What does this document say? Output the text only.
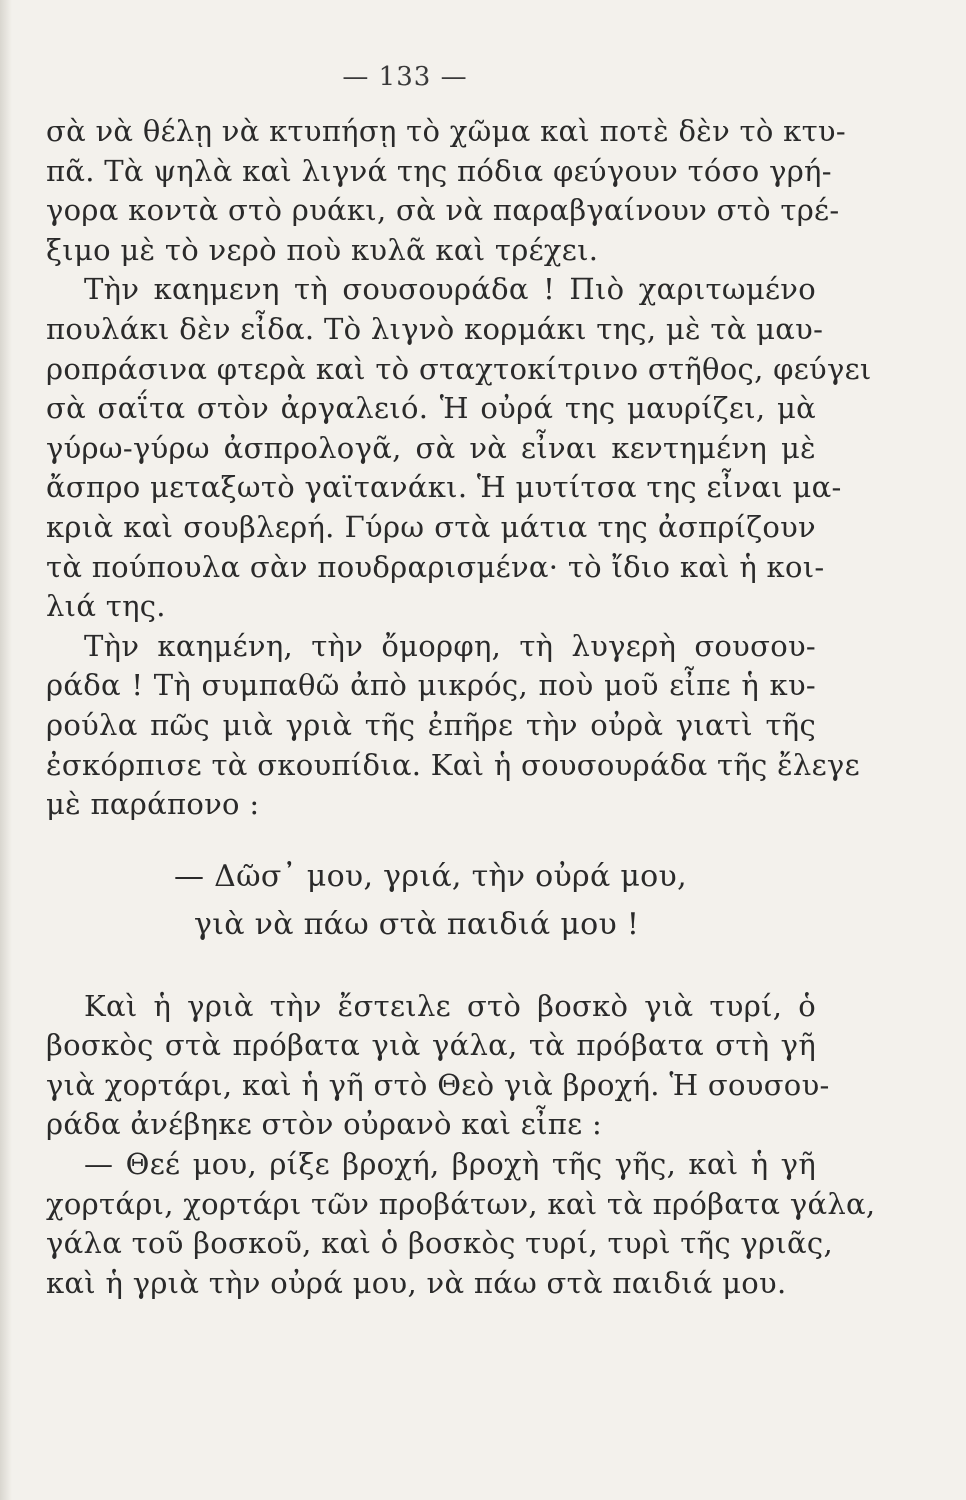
— 133 —
σὰ νὰ θέλῃ νὰ κτυπήσῃ τὸ χῶμα καὶ ποτὲ δὲν τὸ κτυ-
πᾶ. Τὰ ψηλὰ καὶ λιγνά της πόδια φεύγουν τόσο γρή-
γορα κοντὰ στὸ ρυάκι, σὰ νὰ παραβγαίνουν στὸ τρέ-
ξιμο μὲ τὸ νερὸ ποὺ κυλᾶ καὶ τρέχει.
Τὴν καημενη τὴ σουσουράδα ! Πιὸ χαριτωμένο
πουλάκι δὲν εἶδα. Τὸ λιγνὸ κορμάκι της, μὲ τὰ μαυ-
ροπράσινα φτερὰ καὶ τὸ σταχτοκίτρινο στῆθος, φεύγει
σὰ σαΐτα στὸν ἀργαλειό. Ἡ οὐρά της μαυρίζει, μὰ
γύρω-γύρω ἀσπρολογᾶ, σὰ νὰ εἶναι κεντημένη μὲ
ἄσπρο μεταξωτὸ γαϊτανάκι. Ἡ μυτίτσα της εἶναι μα-
κριὰ καὶ σουβλερή. Γύρω στὰ μάτια της ἀσπρίζουν
τὰ πούπουλα σὰν πουδραρισμένα· τὸ ἴδιο καὶ ἡ κοι-
λιά της.
Τὴν καημένη, τὴν ὄμορφη, τὴ λυγερὴ σουσου-
ράδα ! Τὴ συμπαθῶ ἀπὸ μικρός, ποὺ μοῦ εἶπε ἡ κυ-
ρούλα πῶς μιὰ γριὰ τῆς ἐπῆρε τὴν οὐρὰ γιατὶ τῆς
ἐσκόρπισε τὰ σκουπίδια. Καὶ ἡ σουσουράδα τῆς ἔλεγε
μὲ παράπονο :
— Δῶσ᾽ μου, γριά, τὴν οὐρά μου,
γιὰ νὰ πάω στὰ παιδιά μου !
Καὶ ἡ γριὰ τὴν ἔστειλε στὸ βοσκὸ γιὰ τυρί, ὁ
βοσκὸς στὰ πρόβατα γιὰ γάλα, τὰ πρόβατα στὴ γῆ
γιὰ χορτάρι, καὶ ἡ γῆ στὸ Θεὸ γιὰ βροχή. Ἡ σουσου-
ράδα ἀνέβηκε στὸν οὐρανὸ καὶ εἶπε :
— Θεέ μου, ρίξε βροχή, βροχὴ τῆς γῆς, καὶ ἡ γῆ
χορτάρι, χορτάρι τῶν προβάτων, καὶ τὰ πρόβατα γάλα,
γάλα τοῦ βοσκοῦ, καὶ ὁ βοσκὸς τυρί, τυρὶ τῆς γριᾶς,
καὶ ἡ γριὰ τὴν οὐρά μου, νὰ πάω στὰ παιδιά μου.
